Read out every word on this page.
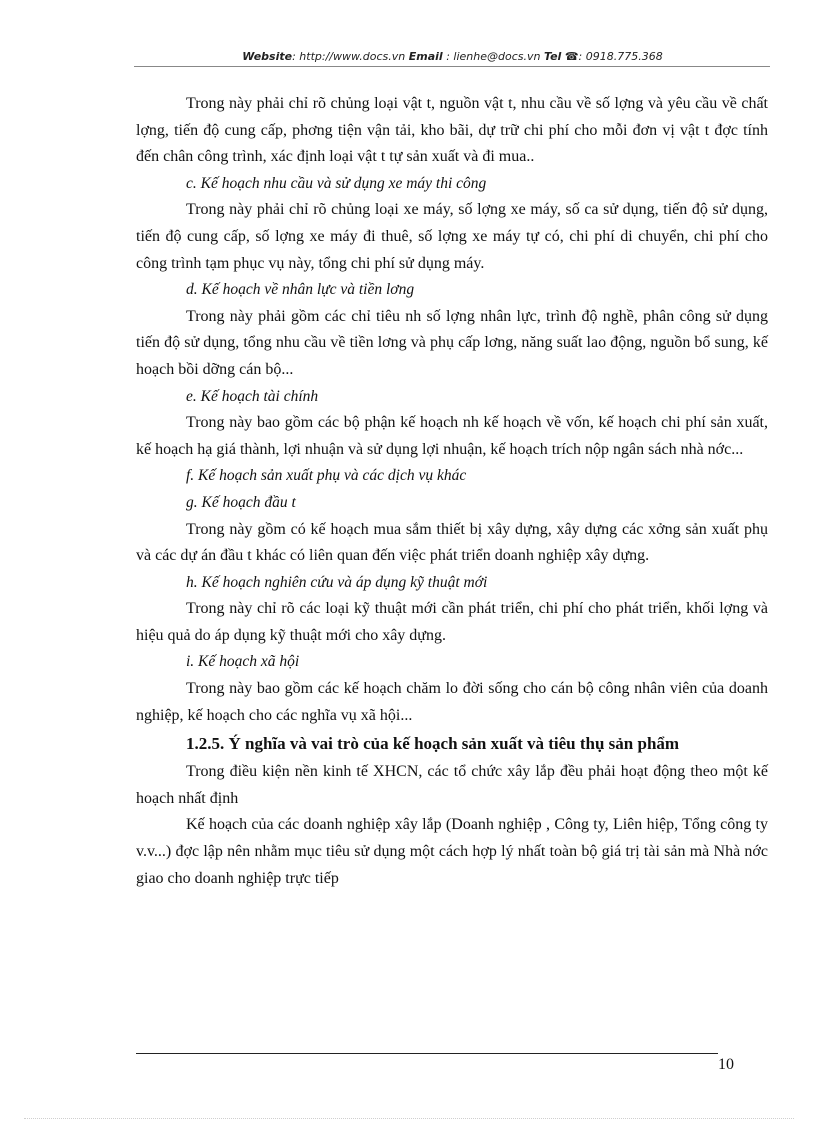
Website: http://www.docs.vn Email : lienhe@docs.vn Tel ☎: 0918.775.368

Trong này phải chỉ rõ chủng loại vật t, nguồn vật t, nhu cầu về số lợng và yêu cầu về chất lợng, tiến độ cung cấp, phơng tiện vận tải, kho bãi, dự trữ chi phí cho mỗi đơn vị vật t đợc tính đến chân công trình, xác định loại vật t tự sản xuất và đi mua..

c. Kế hoạch nhu cầu và sử dụng xe máy thi công

Trong này phải chỉ rõ chủng loại xe máy, số lợng xe máy, số ca sử dụng, tiến độ sử dụng, tiến độ cung cấp, số lợng xe máy đi thuê, số lợng xe máy tự có, chi phí di chuyển, chi phí cho công trình tạm phục vụ này, tổng chi phí sử dụng máy.

d. Kế hoạch về nhân lực và tiền lơng

Trong này phải gồm các chỉ tiêu nh số lợng nhân lực, trình độ nghề, phân công sử dụng tiến độ sử dụng, tổng nhu cầu về tiền lơng và phụ cấp lơng, năng suất lao động, nguồn bổ sung, kế hoạch bồi dỡng cán bộ...

e. Kế hoạch tài chính

Trong này bao gồm các bộ phận kế hoạch nh kế hoạch về vốn, kế hoạch chi phí sản xuất, kế hoạch hạ giá thành, lợi nhuận và sử dụng lợi nhuận, kế hoạch trích nộp ngân sách nhà nớc...

f. Kế hoạch sản xuất phụ và các dịch vụ khác

g. Kế hoạch đầu t

Trong này gồm có kế hoạch mua sắm thiết bị xây dựng, xây dựng các xởng sản xuất phụ và các dự án đầu t khác có liên quan đến việc phát triển doanh nghiệp xây dựng.

h. Kế hoạch nghiên cứu và áp dụng kỹ thuật mới

Trong này chỉ rõ các loại kỹ thuật mới cần phát triển, chi phí cho phát triển, khối lợng và hiệu quả do áp dụng kỹ thuật mới cho xây dựng.

i. Kế hoạch xã hội

Trong này bao gồm các kế hoạch chăm lo đời sống cho cán bộ công nhân viên của doanh nghiệp, kế hoạch cho các nghĩa vụ xã hội...

1.2.5. Ý nghĩa và vai trò của kế hoạch sản xuất và tiêu thụ sản phẩm

Trong điều kiện nền kinh tế XHCN, các tổ chức xây lắp đều phải hoạt động theo một kế hoạch nhất định

Kế hoạch của các doanh nghiệp xây lắp (Doanh nghiệp , Công ty, Liên hiệp, Tổng công ty v.v...) đợc lập nên nhằm mục tiêu sử dụng một cách hợp lý nhất toàn bộ giá trị tài sản mà Nhà nớc giao cho doanh nghiệp trực tiếp

10
